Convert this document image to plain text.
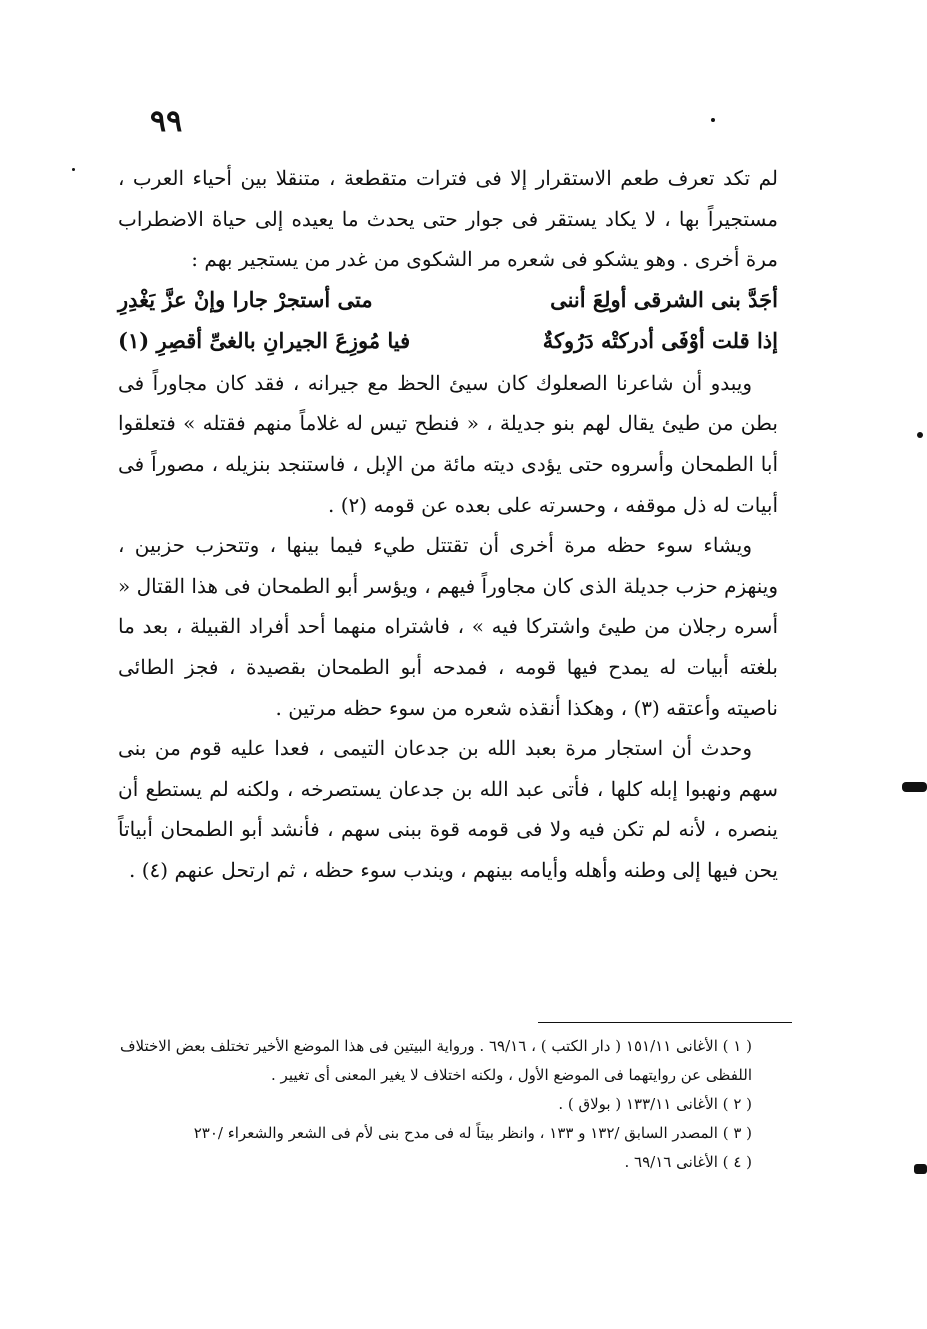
٩٩

لم تكد تعرف طعم الاستقرار إلا فى فترات متقطعة ، متنقلا بين أحياء العرب ، مستجيراً بها ، لا يكاد يستقر فى جوار حتى يحدث ما يعيده إلى حياة الاضطراب مرة أخرى . وهو يشكو فى شعره مر الشكوى من غدر من يستجير بهم :

أجَدَّ بنى الشرقى أولِعَ أننى
متى أستجرْ جارا وإنْ عزَّ يَغْدِرِ
إذا قلت أوْفَى أدركتْه دَرُوكةٌ
فيا مُوزِعَ الجيرانِ بالغىِّ أقصِرِ (١)

ويبدو أن شاعرنا الصعلوك كان سيئ الحظ مع جيرانه ، فقد كان مجاوراً فى بطن من طيئ يقال لهم بنو جديلة ، « فنطح تيس له غلاماً منهم فقتله » فتعلقوا أبا الطمحان وأسروه حتى يؤدى ديته مائة من الإبل ، فاستنجد بنزيله ، مصوراً فى أبيات له ذل موقفه ، وحسرته على بعده عن قومه (٢) .

ويشاء سوء حظه مرة أخرى أن تقتتل طيء فيما بينها ، وتتحزب حزبين ، وينهزم حزب جديلة الذى كان مجاوراً فيهم ، ويؤسر أبو الطمحان فى هذا القتال « أسره رجلان من طيئ واشتركا فيه » ، فاشتراه منهما أحد أفراد القبيلة ، بعد ما بلغته أبيات له يمدح فيها قومه ، فمدحه أبو الطمحان بقصيدة ، فجز الطائى ناصيته وأعتقه (٣) ، وهكذا أنقذه شعره من سوء حظه مرتين .

وحدث أن استجار مرة بعبد الله بن جدعان التيمى ، فعدا عليه قوم من بنى سهم ونهبوا إبله كلها ، فأتى عبد الله بن جدعان يستصرخه ، ولكنه لم يستطع أن ينصره ، لأنه لم تكن فيه ولا فى قومه قوة ببنى سهم ، فأنشد أبو الطمحان أبياتاً يحن فيها إلى وطنه وأهله وأيامه بينهم ، ويندب سوء حظه ، ثم ارتحل عنهم (٤) .

( ١ ) الأغانى ١٥١/١١ ( دار الكتب ) ، ٦٩/١٦ . ورواية البيتين فى هذا الموضع الأخير تختلف بعض الاختلاف اللفظى عن روايتهما فى الموضع الأول ، ولكنه اختلاف لا يغير المعنى أى تغيير .

( ٢ ) الأغانى ١٣٣/١١ ( بولاق ) .

( ٣ ) المصدر السابق /١٣٢ و ١٣٣ ، وانظر بيتاً له فى مدح بنى لأم فى الشعر والشعراء /٢٣٠

( ٤ ) الأغانى ٦٩/١٦ .
